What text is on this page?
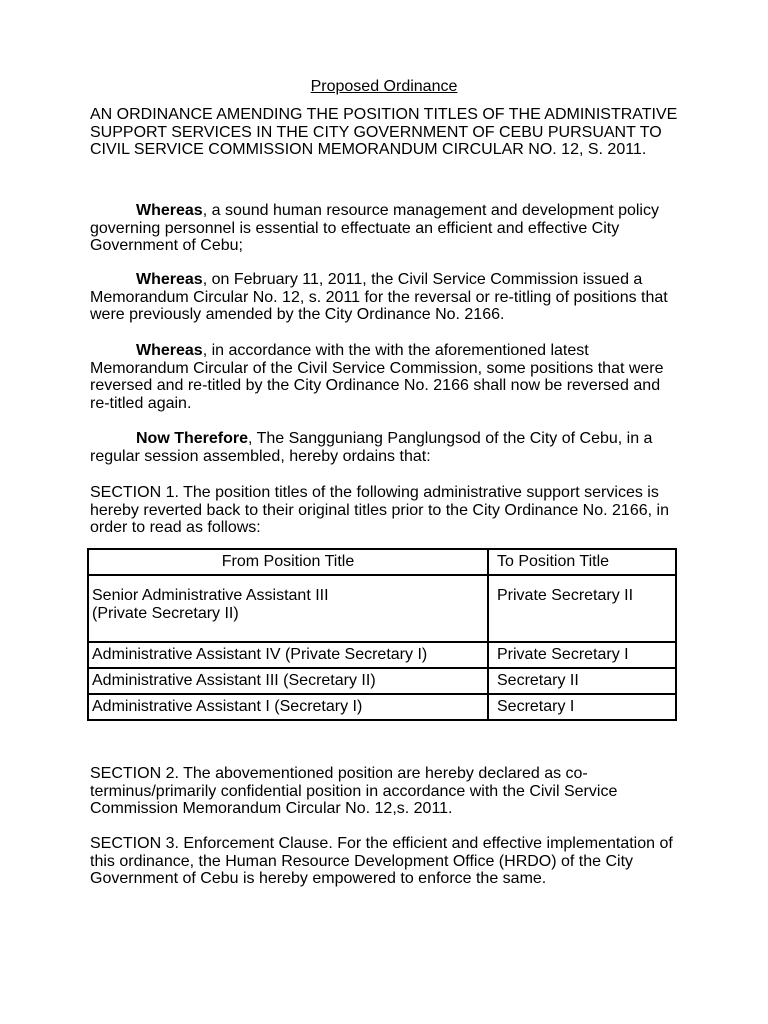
Proposed Ordinance

AN ORDINANCE AMENDING THE POSITION TITLES OF THE ADMINISTRATIVE SUPPORT SERVICES IN THE CITY GOVERNMENT OF CEBU PURSUANT TO CIVIL SERVICE COMMISSION MEMORANDUM CIRCULAR NO. 12, S. 2011.

Whereas, a sound human resource management and development policy governing personnel is essential to effectuate an efficient and effective City Government of Cebu;

Whereas, on February 11, 2011, the Civil Service Commission issued a Memorandum Circular No. 12, s. 2011 for the reversal or re-titling of positions that were previously amended by the City Ordinance No. 2166.

Whereas, in accordance with the with the aforementioned latest Memorandum Circular of the Civil Service Commission, some positions that were reversed and re-titled by the City Ordinance No. 2166 shall now be reversed and re-titled again.

Now Therefore, The Sangguniang Panglungsod of the City of Cebu, in a regular session assembled, hereby ordains that:

SECTION 1. The position titles of the following administrative support services is hereby reverted back to their original titles prior to the City Ordinance No. 2166, in order to read as follows:

From Position Title	To Position Title

Senior Administrative Assistant III
(Private Secretary II)	Private Secretary II
Administrative Assistant IV (Private Secretary I)	Private Secretary I
Administrative Assistant III (Secretary II)	Secretary II
Administrative Assistant I (Secretary I)	Secretary I

SECTION 2. The abovementioned position are hereby declared as co-terminus/primarily confidential position in accordance with the Civil Service Commission Memorandum Circular No. 12,s. 2011.

SECTION 3. Enforcement Clause. For the efficient and effective implementation of this ordinance, the Human Resource Development Office (HRDO) of the City Government of Cebu is hereby empowered to enforce the same.
